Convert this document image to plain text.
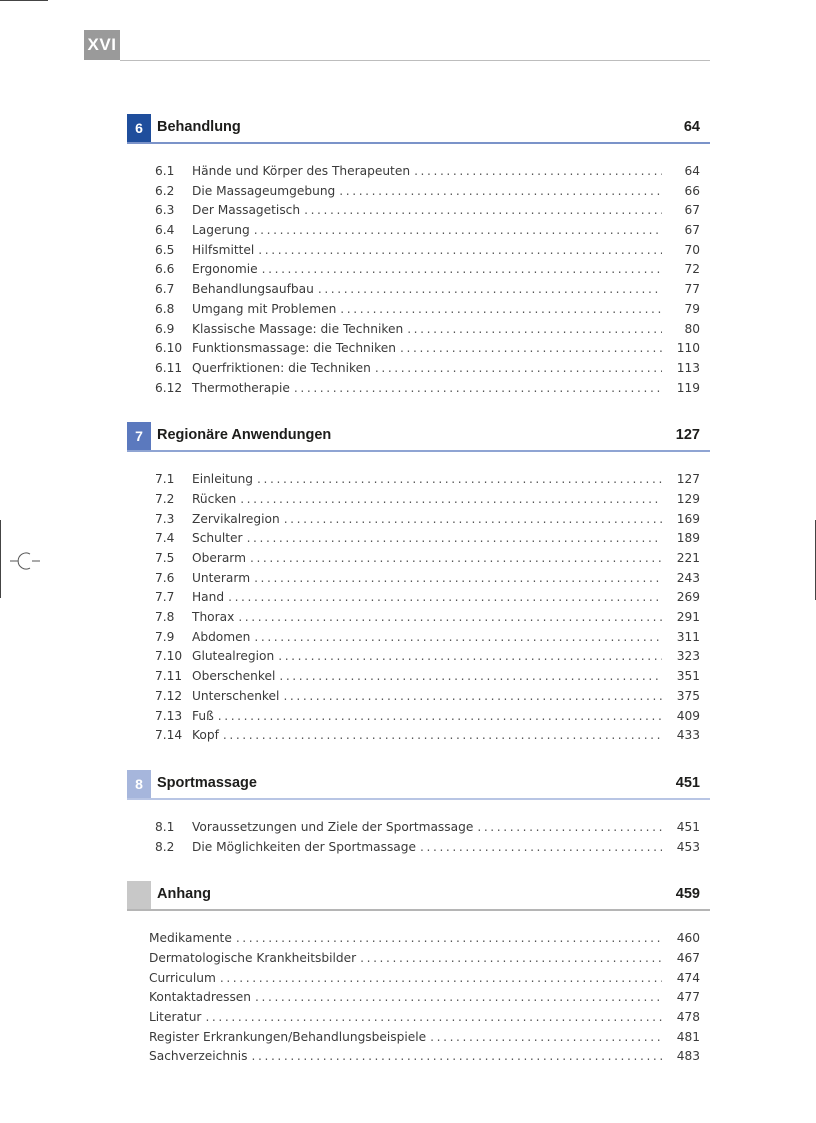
XVI
6 Behandlung	64
6.1	Hände und Körper des Therapeuten .....	64
6.2	Die Massageumgebung .....	66
6.3	Der Massagetisch .....	67
6.4	Lagerung .....	67
6.5	Hilfsmittel .....	70
6.6	Ergonomie .....	72
6.7	Behandlungsaufbau .....	77
6.8	Umgang mit Problemen .....	79
6.9	Klassische Massage: die Techniken .....	80
6.10 Funktionsmassage: die Techniken .....	110
6.11 Querfriktionen: die Techniken .....	113
6.12 Thermotherapie .....	119
7 Regionäre Anwendungen	127
7.1	Einleitung .....	127
7.2	Rücken .....	129
7.3	Zervikalregion .....	169
7.4	Schulter .....	189
7.5	Oberarm .....	221
7.6	Unterarm .....	243
7.7	Hand .....	269
7.8	Thorax .....	291
7.9	Abdomen .....	311
7.10 Glutealregion .....	323
7.11 Oberschenkel .....	351
7.12 Unterschenkel .....	375
7.13 Fuß .....	409
7.14 Kopf .....	433
8 Sportmassage	451
8.1	Voraussetzungen und Ziele der Sportmassage .....	451
8.2	Die Möglichkeiten der Sportmassage .....	453
Anhang	459
Medikamente .....	460
Dermatologische Krankheitsbilder .....	467
Curriculum .....	474
Kontaktadressen .....	477
Literatur .....	478
Register Erkrankungen/Behandlungsbeispiele .....	481
Sachverzeichnis .....	483
